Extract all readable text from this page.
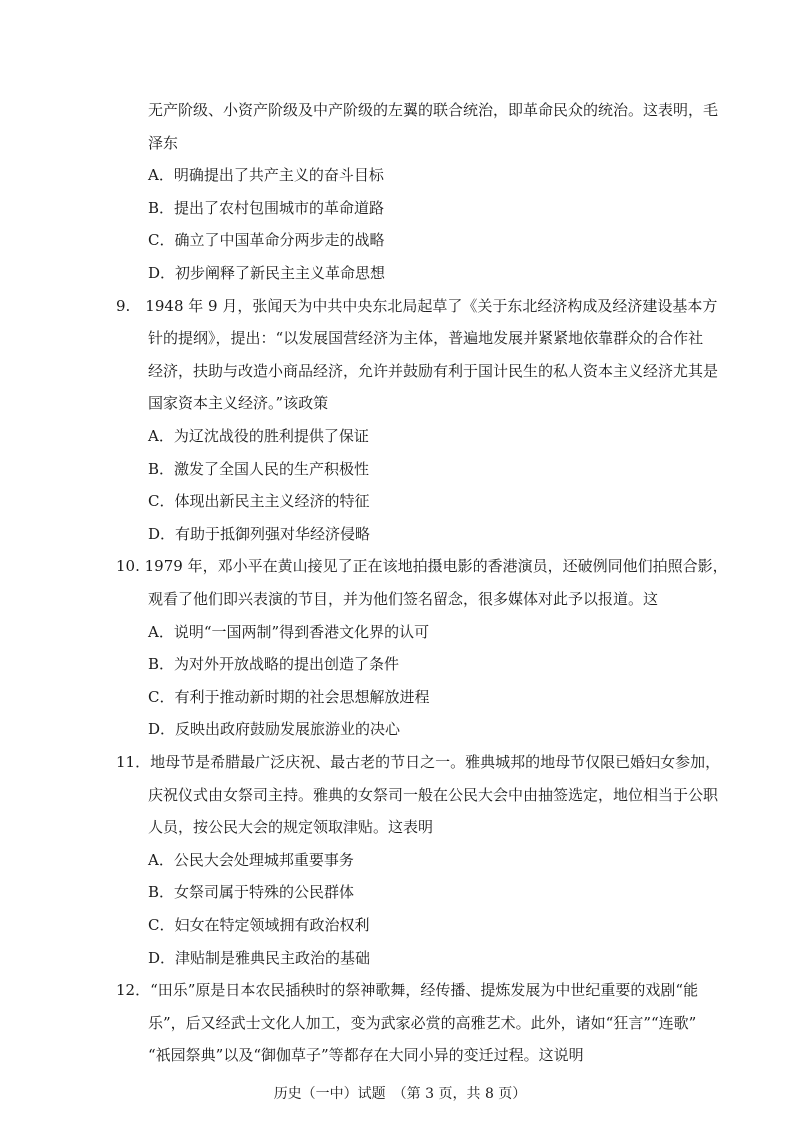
无产阶级、小资产阶级及中产阶级的左翼的联合统治，即革命民众的统治。这表明，毛
泽东
A．明确提出了共产主义的奋斗目标
B．提出了农村包围城市的革命道路
C．确立了中国革命分两步走的战略
D．初步阐释了新民主主义革命思想
9.　1948 年 9 月，张闻天为中共中央东北局起草了《关于东北经济构成及经济建设基本方
针的提纲》，提出：“以发展国营经济为主体，普遍地发展并紧紧地依靠群众的合作社
经济，扶助与改造小商品经济，允许并鼓励有利于国计民生的私人资本主义经济尤其是
国家资本主义经济。”该政策
A．为辽沈战役的胜利提供了保证
B．激发了全国人民的生产积极性
C．体现出新民主主义经济的特征
D．有助于抵御列强对华经济侵略
10. 1979 年，邓小平在黄山接见了正在该地拍摄电影的香港演员，还破例同他们拍照合影，
观看了他们即兴表演的节目，并为他们签名留念，很多媒体对此予以报道。这
A．说明“一国两制”得到香港文化界的认可
B．为对外开放战略的提出创造了条件
C．有利于推动新时期的社会思想解放进程
D．反映出政府鼓励发展旅游业的决心
11．地母节是希腊最广泛庆祝、最古老的节日之一。雅典城邦的地母节仅限已婚妇女参加，
庆祝仪式由女祭司主持。雅典的女祭司一般在公民大会中由抽签选定，地位相当于公职
人员，按公民大会的规定领取津贴。这表明
A．公民大会处理城邦重要事务
B．女祭司属于特殊的公民群体
C．妇女在特定领域拥有政治权利
D．津贴制是雅典民主政治的基础
12．“田乐”原是日本农民插秧时的祭神歌舞，经传播、提炼发展为中世纪重要的戏剧“能
历史（一中）试题　（第 3 页，共 8 页）
乐”，后又经武士文化人加工，变为武家必赏的高雅艺术。此外，诸如“狂言”“连歌”
“祇园祭典”以及“御伽草子”等都存在大同小异的变迁过程。这说明
